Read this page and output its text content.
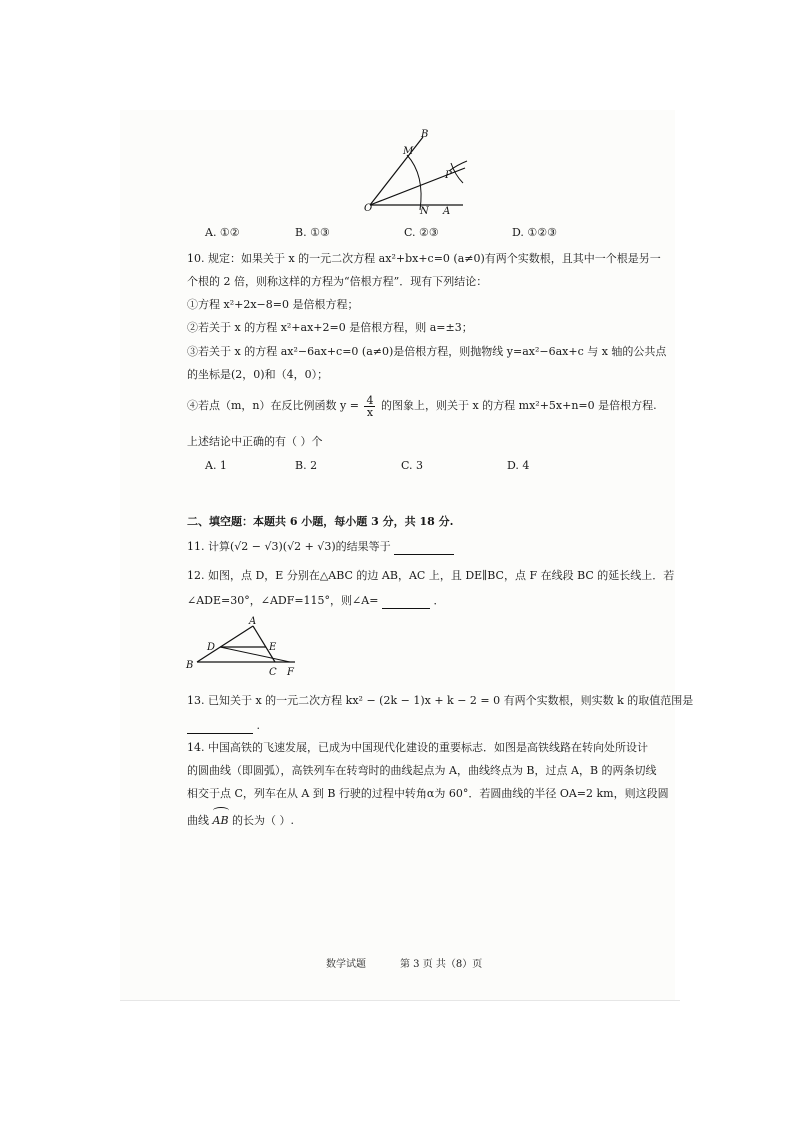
B
M
P
O	N A
A. ①②	B. ①③	C. ②③	D. ①②③
10. 规定：如果关于 x 的一元二次方程 ax²+bx+c=0 (a≠0)有两个实数根，且其中一个根是另一
个根的 2 倍，则称这样的方程为“倍根方程”．现有下列结论：
①方程 x²+2x−8=0 是倍根方程；
②若关于 x 的方程 x²+ax+2=0 是倍根方程，则 a=±3；
③若关于 x 的方程 ax²−6ax+c=0 (a≠0)是倍根方程，则抛物线 y=ax²−6ax+c 与 x 轴的公共点
的坐标是(2，0)和（4，0）；
④若点（m，n）在反比例函数 $y = \frac{4}{x}$ 的图象上，则关于 x 的方程 mx²+5x+n=0 是倍根方程.
上述结论中正确的有（ ）个
A. 1	B. 2	C. 3	D. 4
二、填空题：本题共 6 小题，每小题 3 分，共 18 分.
11. 计算(√2 − √3)(√2 + √3)的结果等于
12. 如图，点 D，E 分别在△ABC 的边 AB，AC 上，且 DE∥BC，点 F 在线段 BC 的延长线上．若
∠ADE=30°，∠ADF=115°，则∠A=	．
A
D	E
B
C F
13. 已知关于 x 的一元二次方程 kx² − (2k − 1)x + k − 2 = 0 有两个实数根，则实数 k 的取值范围是
.
14. 中国高铁的飞速发展，已成为中国现代化建设的重要标志．如图是高铁线路在转向处所设计
的圆曲线（即圆弧），高铁列车在转弯时的曲线起点为 A，曲线终点为 B，过点 A，B 的两条切线
相交于点 C，列车在从 A 到 B 行驶的过程中转角α为 60°．若圆曲线的半径 OA=2 km，则这段圆
曲线 AB 的长为（ ）.
数学试题	第 3 页 共（8）页
